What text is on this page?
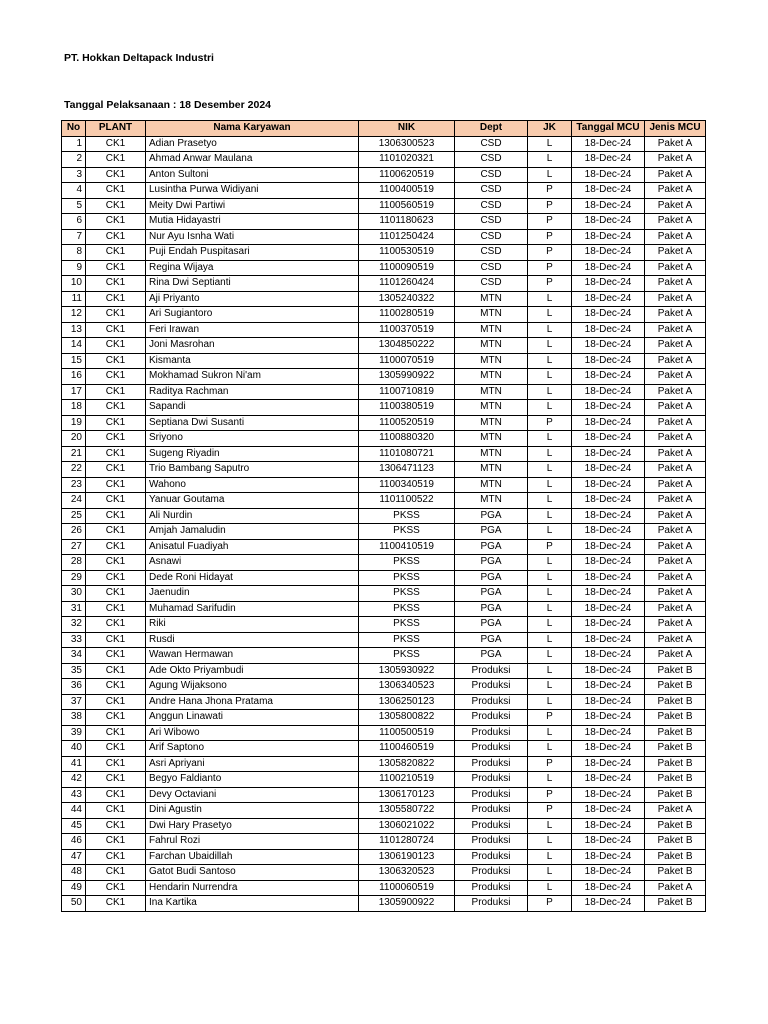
PT. Hokkan Deltapack Industri
Tanggal Pelaksanaan : 18 Desember 2024
No	PLANT	Nama Karyawan	NIK	Dept	JK	Tanggal MCU	Jenis MCU
1	CK1	Adian Prasetyo	1306300523	CSD	L	18-Dec-24	Paket A
2	CK1	Ahmad Anwar Maulana	1101020321	CSD	L	18-Dec-24	Paket A
3	CK1	Anton Sultoni	1100620519	CSD	L	18-Dec-24	Paket A
4	CK1	Lusintha Purwa Widiyani	1100400519	CSD	P	18-Dec-24	Paket A
5	CK1	Meity Dwi Partiwi	1100560519	CSD	P	18-Dec-24	Paket A
6	CK1	Mutia Hidayastri	1101180623	CSD	P	18-Dec-24	Paket A
7	CK1	Nur Ayu Isnha Wati	1101250424	CSD	P	18-Dec-24	Paket A
8	CK1	Puji Endah Puspitasari	1100530519	CSD	P	18-Dec-24	Paket A
9	CK1	Regina Wijaya	1100090519	CSD	P	18-Dec-24	Paket A
10	CK1	Rina Dwi Septianti	1101260424	CSD	P	18-Dec-24	Paket A
11	CK1	Aji Priyanto	1305240322	MTN	L	18-Dec-24	Paket A
12	CK1	Ari Sugiantoro	1100280519	MTN	L	18-Dec-24	Paket A
13	CK1	Feri Irawan	1100370519	MTN	L	18-Dec-24	Paket A
14	CK1	Joni Masrohan	1304850222	MTN	L	18-Dec-24	Paket A
15	CK1	Kismanta	1100070519	MTN	L	18-Dec-24	Paket A
16	CK1	Mokhamad Sukron Ni'am	1305990922	MTN	L	18-Dec-24	Paket A
17	CK1	Raditya Rachman	1100710819	MTN	L	18-Dec-24	Paket A
18	CK1	Sapandi	1100380519	MTN	L	18-Dec-24	Paket A
19	CK1	Septiana Dwi Susanti	1100520519	MTN	P	18-Dec-24	Paket A
20	CK1	Sriyono	1100880320	MTN	L	18-Dec-24	Paket A
21	CK1	Sugeng Riyadin	1101080721	MTN	L	18-Dec-24	Paket A
22	CK1	Trio Bambang Saputro	1306471123	MTN	L	18-Dec-24	Paket A
23	CK1	Wahono	1100340519	MTN	L	18-Dec-24	Paket A
24	CK1	Yanuar Goutama	1101100522	MTN	L	18-Dec-24	Paket A
25	CK1	Ali Nurdin	PKSS	PGA	L	18-Dec-24	Paket A
26	CK1	Amjah Jamaludin	PKSS	PGA	L	18-Dec-24	Paket A
27	CK1	Anisatul Fuadiyah	1100410519	PGA	P	18-Dec-24	Paket A
28	CK1	Asnawi	PKSS	PGA	L	18-Dec-24	Paket A
29	CK1	Dede Roni Hidayat	PKSS	PGA	L	18-Dec-24	Paket A
30	CK1	Jaenudin	PKSS	PGA	L	18-Dec-24	Paket A
31	CK1	Muhamad Sarifudin	PKSS	PGA	L	18-Dec-24	Paket A
32	CK1	Riki	PKSS	PGA	L	18-Dec-24	Paket A
33	CK1	Rusdi	PKSS	PGA	L	18-Dec-24	Paket A
34	CK1	Wawan Hermawan	PKSS	PGA	L	18-Dec-24	Paket A
35	CK1	Ade Okto Priyambudi	1305930922	Produksi	L	18-Dec-24	Paket B
36	CK1	Agung Wijaksono	1306340523	Produksi	L	18-Dec-24	Paket B
37	CK1	Andre Hana Jhona Pratama	1306250123	Produksi	L	18-Dec-24	Paket B
38	CK1	Anggun Linawati	1305800822	Produksi	P	18-Dec-24	Paket B
39	CK1	Ari Wibowo	1100500519	Produksi	L	18-Dec-24	Paket B
40	CK1	Arif Saptono	1100460519	Produksi	L	18-Dec-24	Paket B
41	CK1	Asri Apriyani	1305820822	Produksi	P	18-Dec-24	Paket B
42	CK1	Begyo Faldianto	1100210519	Produksi	L	18-Dec-24	Paket B
43	CK1	Devy Octaviani	1306170123	Produksi	P	18-Dec-24	Paket B
44	CK1	Dini Agustin	1305580722	Produksi	P	18-Dec-24	Paket A
45	CK1	Dwi Hary Prasetyo	1306021022	Produksi	L	18-Dec-24	Paket B
46	CK1	Fahrul Rozi	1101280724	Produksi	L	18-Dec-24	Paket B
47	CK1	Farchan Ubaidillah	1306190123	Produksi	L	18-Dec-24	Paket B
48	CK1	Gatot Budi Santoso	1306320523	Produksi	L	18-Dec-24	Paket B
49	CK1	Hendarin Nurrendra	1100060519	Produksi	L	18-Dec-24	Paket A
50	CK1	Ina Kartika	1305900922	Produksi	P	18-Dec-24	Paket B
